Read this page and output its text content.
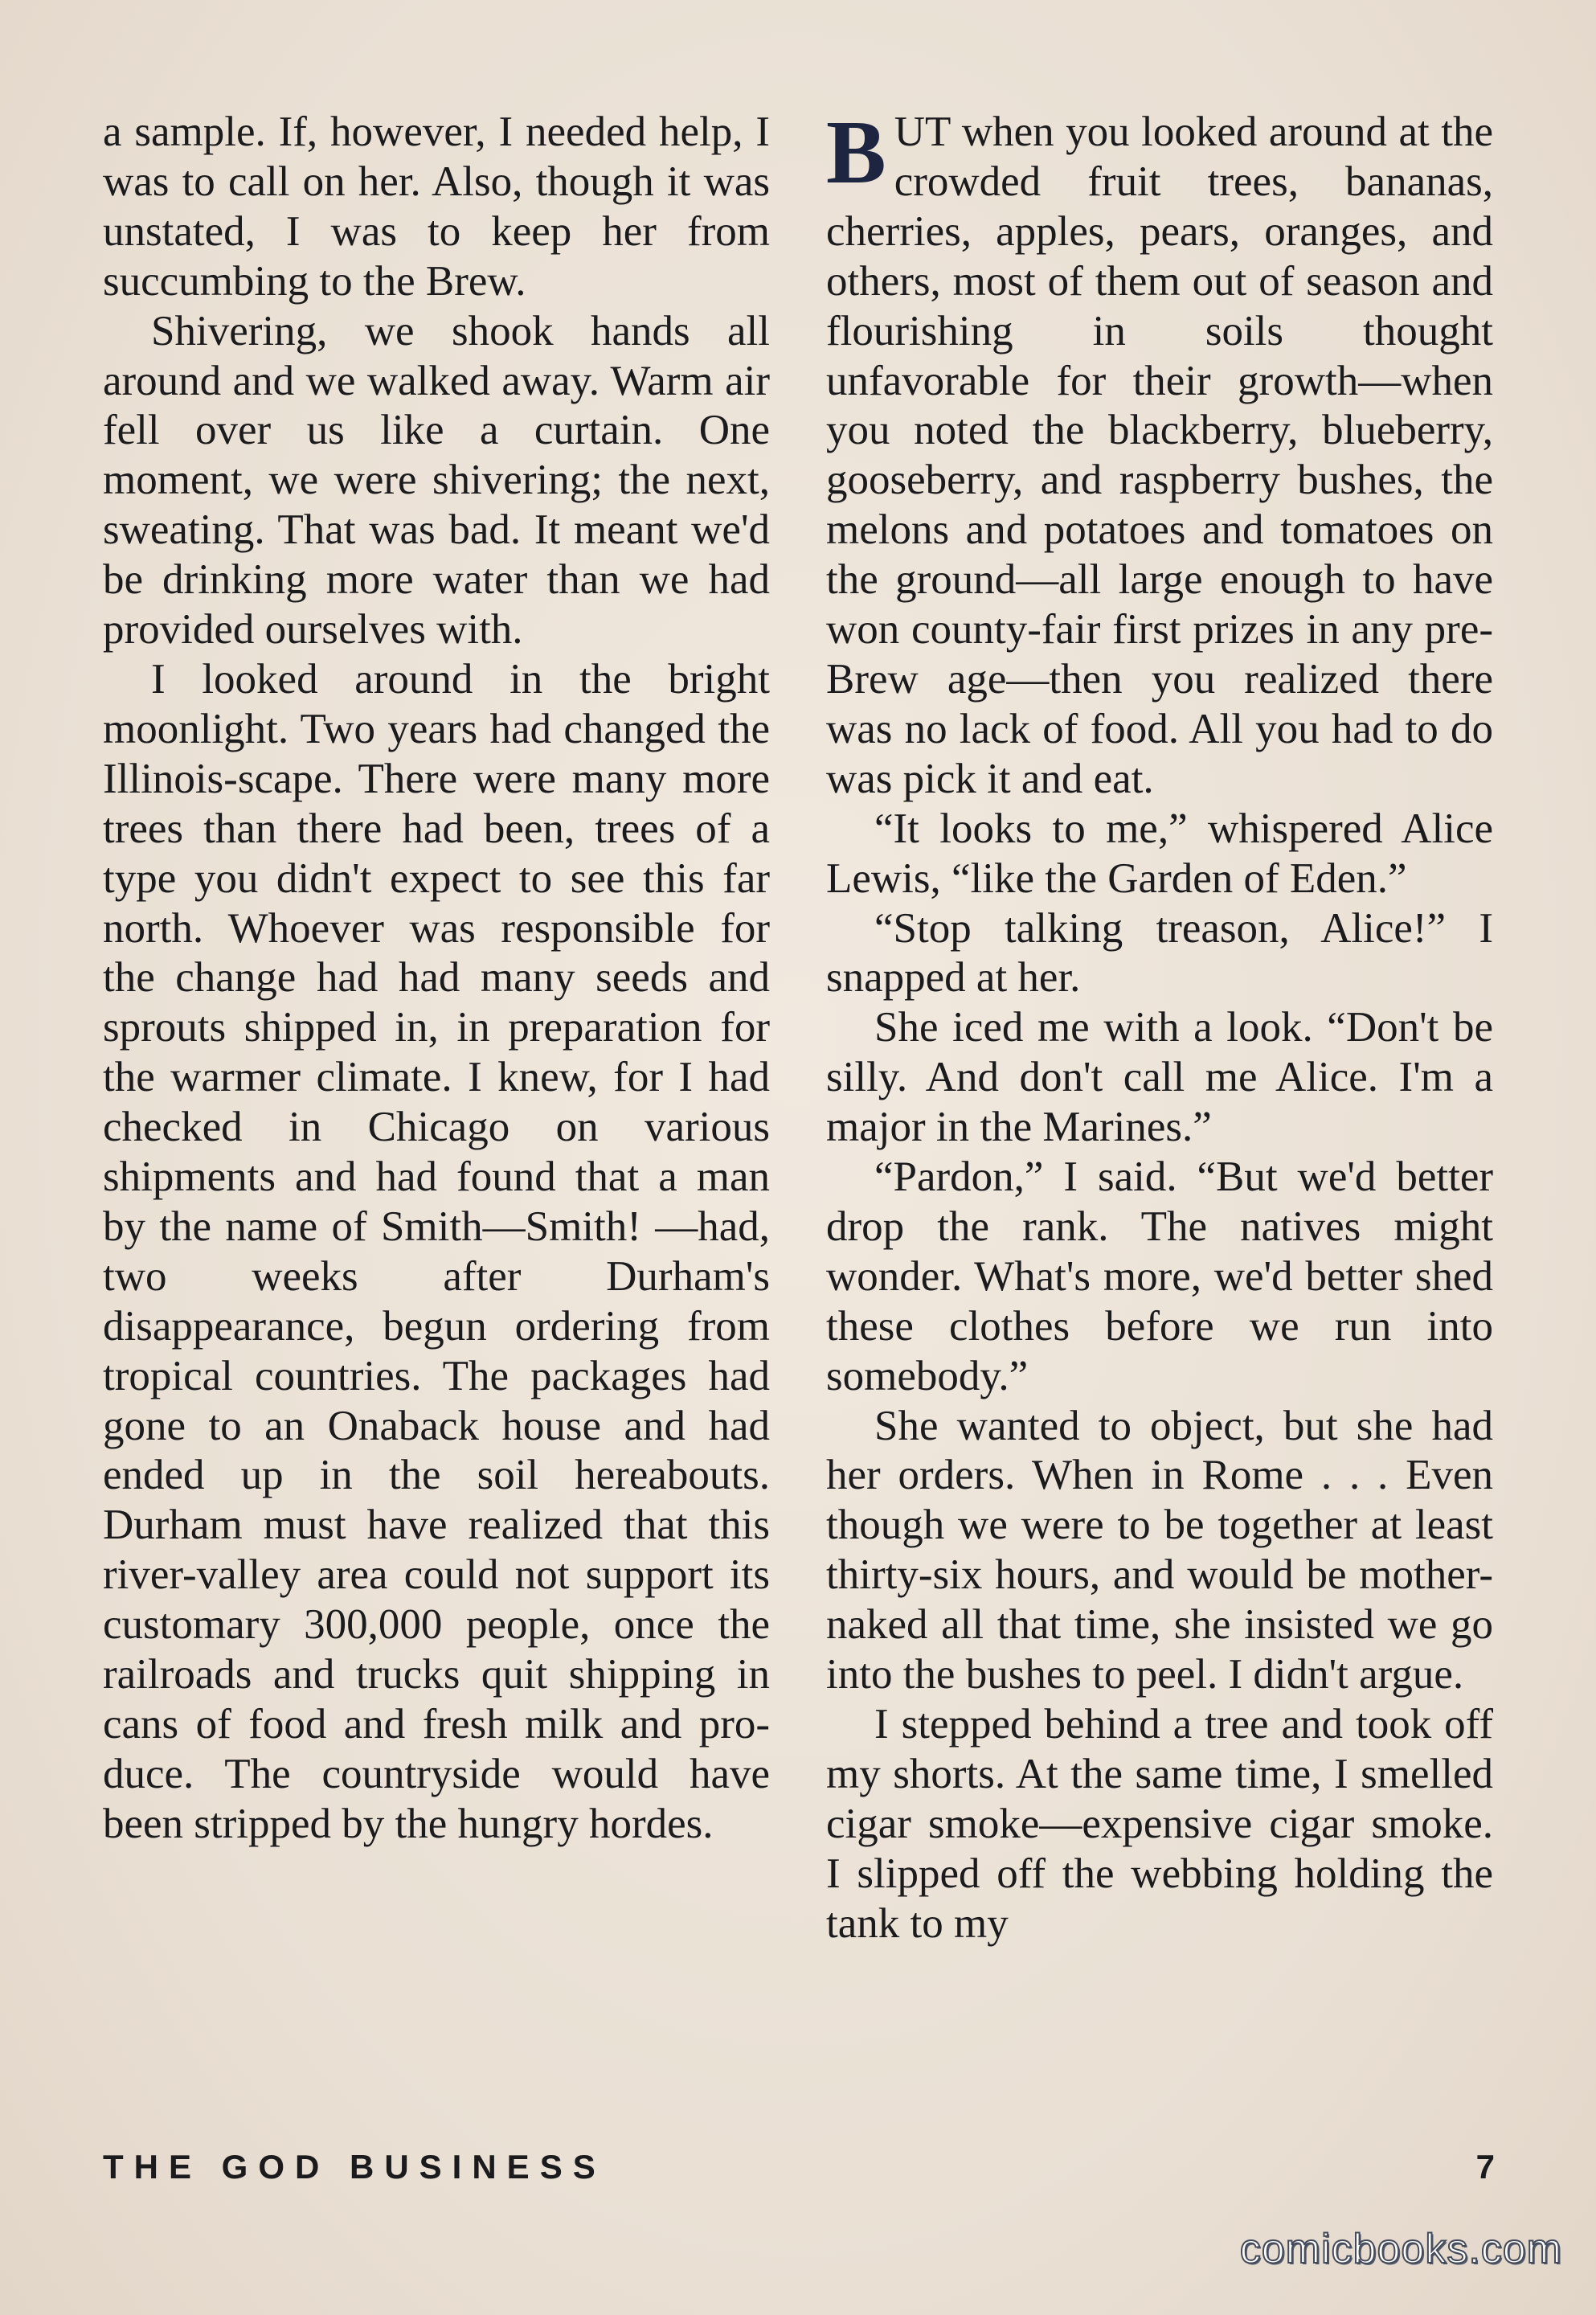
a sample. If, however, I needed help, I was to call on her. Also, though it was unstated, I was to keep her from succumbing to the Brew.

Shivering, we shook hands all around and we walked away. Warm air fell over us like a curtain. One moment, we were shivering; the next, sweating. That was bad. It meant we'd be drinking more water than we had provided ourselves with.

I looked around in the bright moonlight. Two years had changed the Illinois-scape. There were many more trees than there had been, trees of a type you didn't expect to see this far north. Whoever was responsible for the change had had many seeds and sprouts shipped in, in preparation for the warmer climate. I knew, for I had checked in Chicago on various shipments and had found that a man by the name of Smith—Smith! —had, two weeks after Durham's disappearance, begun ordering from tropical countries. The packages had gone to an Onaback house and had ended up in the soil hereabouts. Durham must have realized that this river-valley area could not support its customary 300,000 people, once the railroads and trucks quit shipping in cans of food and fresh milk and produce. The countryside would have been stripped by the hungry hordes.

BUT when you looked around at the crowded fruit trees, bananas, cherries, apples, pears, oranges, and others, most of them out of season and flourishing in soils thought unfavorable for their growth—when you noted the blackberry, blueberry, gooseberry, and raspberry bushes, the melons and potatoes and tomatoes on the ground—all large enough to have won county-fair first prizes in any pre-Brew age—then you realized there was no lack of food. All you had to do was pick it and eat.

“It looks to me,” whispered Alice Lewis, “like the Garden of Eden.”

“Stop talking treason, Alice!” I snapped at her.

She iced me with a look. “Don't be silly. And don't call me Alice. I'm a major in the Marines.”

“Pardon,” I said. “But we'd better drop the rank. The natives might wonder. What's more, we'd better shed these clothes before we run into somebody.”

She wanted to object, but she had her orders. When in Rome . . . Even though we were to be together at least thirty-six hours, and would be mother-naked all that time, she insisted we go into the bushes to peel. I didn't argue.

I stepped behind a tree and took off my shorts. At the same time, I smelled cigar smoke—expensive cigar smoke. I slipped off the webbing holding the tank to my

THE GOD BUSINESS	7
comicbooks.com
